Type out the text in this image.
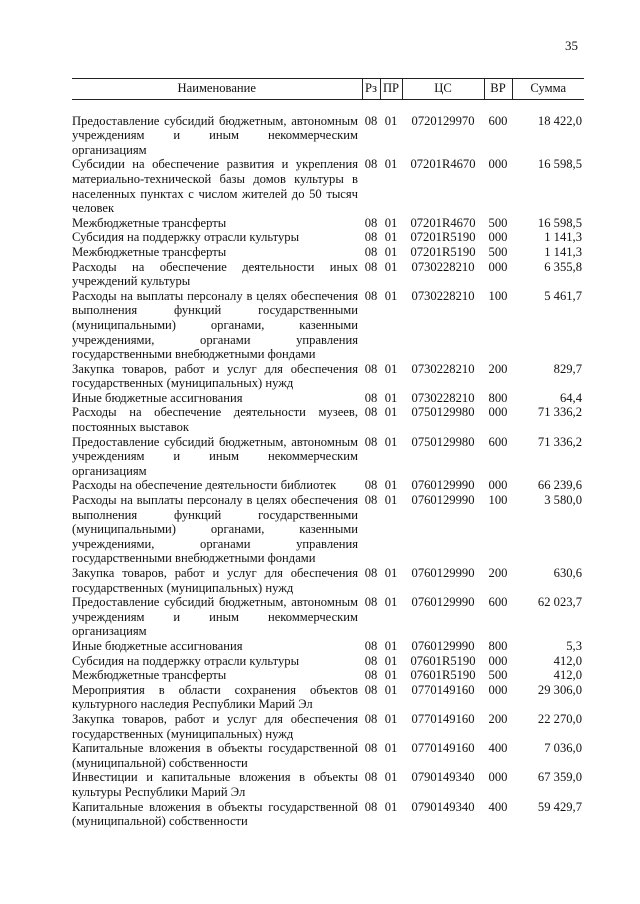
35
Наименование	Рз	ПР	ЦС	ВР	Сумма
Предоставление субсидий бюджетным, автономным учреждениям и иным некоммерческим организациям	08	01	0720129970	600	18 422,0
Субсидии на обеспечение развития и укрепления материально-технической базы домов культуры в населенных пунктах с числом жителей до 50 тысяч человек	08	01	07201R4670	000	16 598,5
Межбюджетные трансферты	08	01	07201R4670	500	16 598,5
Субсидия на поддержку отрасли культуры	08	01	07201R5190	000	1 141,3
Межбюджетные трансферты	08	01	07201R5190	500	1 141,3
Расходы на обеспечение деятельности иных учреждений культуры	08	01	0730228210	000	6 355,8
Расходы на выплаты персоналу в целях обеспечения выполнения функций государственными (муниципальными) органами, казенными учреждениями, органами управления государственными внебюджетными фондами	08	01	0730228210	100	5 461,7
Закупка товаров, работ и услуг для обеспечения государственных (муниципальных) нужд	08	01	0730228210	200	829,7
Иные бюджетные ассигнования	08	01	0730228210	800	64,4
Расходы на обеспечение деятельности музеев, постоянных выставок	08	01	0750129980	000	71 336,2
Предоставление субсидий бюджетным, автономным учреждениям и иным некоммерческим организациям	08	01	0750129980	600	71 336,2
Расходы на обеспечение деятельности библиотек	08	01	0760129990	000	66 239,6
Расходы на выплаты персоналу в целях обеспечения выполнения функций государственными (муниципальными) органами, казенными учреждениями, органами управления государственными внебюджетными фондами	08	01	0760129990	100	3 580,0
Закупка товаров, работ и услуг для обеспечения государственных (муниципальных) нужд	08	01	0760129990	200	630,6
Предоставление субсидий бюджетным, автономным учреждениям и иным некоммерческим организациям	08	01	0760129990	600	62 023,7
Иные бюджетные ассигнования	08	01	0760129990	800	5,3
Субсидия на поддержку отрасли культуры	08	01	07601R5190	000	412,0
Межбюджетные трансферты	08	01	07601R5190	500	412,0
Мероприятия в области сохранения объектов культурного наследия Республики Марий Эл	08	01	0770149160	000	29 306,0
Закупка товаров, работ и услуг для обеспечения государственных (муниципальных) нужд	08	01	0770149160	200	22 270,0
Капитальные вложения в объекты государственной (муниципальной) собственности	08	01	0770149160	400	7 036,0
Инвестиции и капитальные вложения в объекты культуры Республики Марий Эл	08	01	0790149340	000	67 359,0
Капитальные вложения в объекты государственной (муниципальной) собственности	08	01	0790149340	400	59 429,7
